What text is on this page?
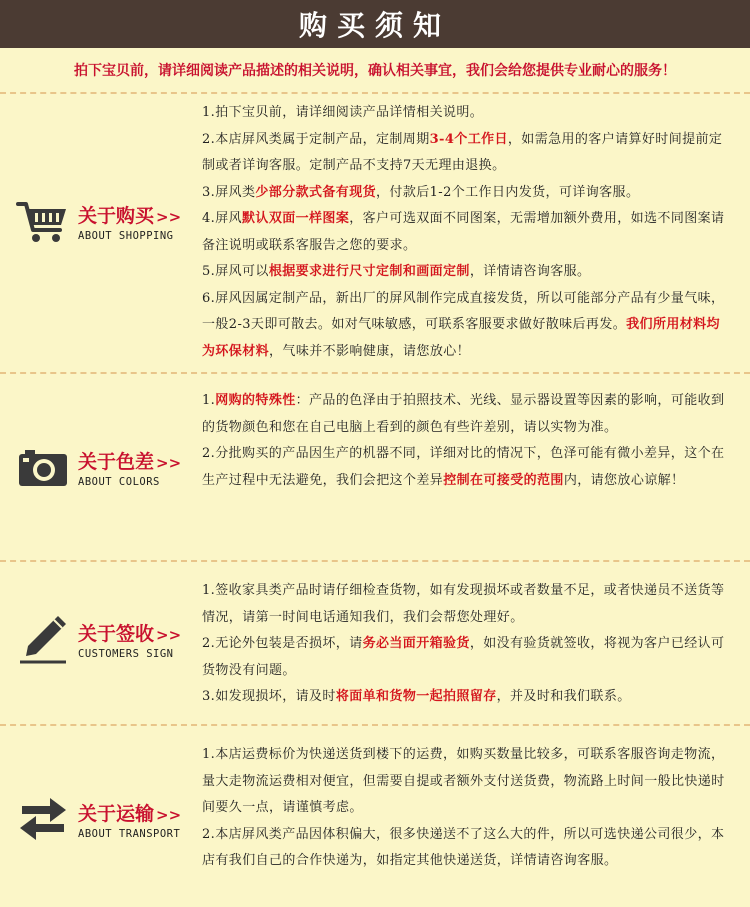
购买须知
拍下宝贝前，请详细阅读产品描述的相关说明，确认相关事宜，我们会给您提供专业耐心的服务！
关于购买 >>
ABOUT SHOPPING

1.拍下宝贝前，请详细阅读产品详情相关说明。

2.本店屏风类属于定制产品，定制周期3-4个工作日，如需急用的客户请算好时间提前定制或者详询客服。定制产品不支持7天无理由退换。

3.屏风类少部分款式备有现货，付款后1-2个工作日内发货，可详询客服。

4.屏风默认双面一样图案，客户可选双面不同图案，无需增加额外费用，如选不同图案请备注说明或联系客服告之您的要求。

5.屏风可以根据要求进行尺寸定制和画面定制，详情请咨询客服。

6.屏风因属定制产品，新出厂的屏风制作完成直接发货，所以可能部分产品有少量气味，一般2-3天即可散去。如对气味敏感，可联系客服要求做好散味后再发。我们所用材料均为环保材料，气味并不影响健康，请您放心！

关于色差 >>
ABOUT COLORS

1.网购的特殊性：产品的色泽由于拍照技术、光线、显示器设置等因素的影响，可能收到的货物颜色和您在自己电脑上看到的颜色有些许差别，请以实物为准。

2.分批购买的产品因生产的机器不同，详细对比的情况下，色泽可能有微小差异，这个在生产过程中无法避免，我们会把这个差异控制在可接受的范围内，请您放心谅解！

关于签收 >>
CUSTOMERS SIGN

1.签收家具类产品时请仔细检查货物，如有发现损坏或者数量不足，或者快递员不送货等情况，请第一时间电话通知我们，我们会帮您处理好。

2.无论外包装是否损坏，请务必当面开箱验货，如没有验货就签收，将视为客户已经认可货物没有问题。

3.如发现损坏，请及时将面单和货物一起拍照留存，并及时和我们联系。

关于运输 >>
ABOUT TRANSPORT

1.本店运费标价为快递送货到楼下的运费，如购买数量比较多，可联系客服咨询走物流，量大走物流运费相对便宜，但需要自提或者额外支付送货费，物流路上时间一般比快递时间要久一点，请谨慎考虑。

2.本店屏风类产品因体积偏大，很多快递送不了这么大的件，所以可选快递公司很少，本店有我们自己的合作快递为，如指定其他快递送货，详情请咨询客服。
